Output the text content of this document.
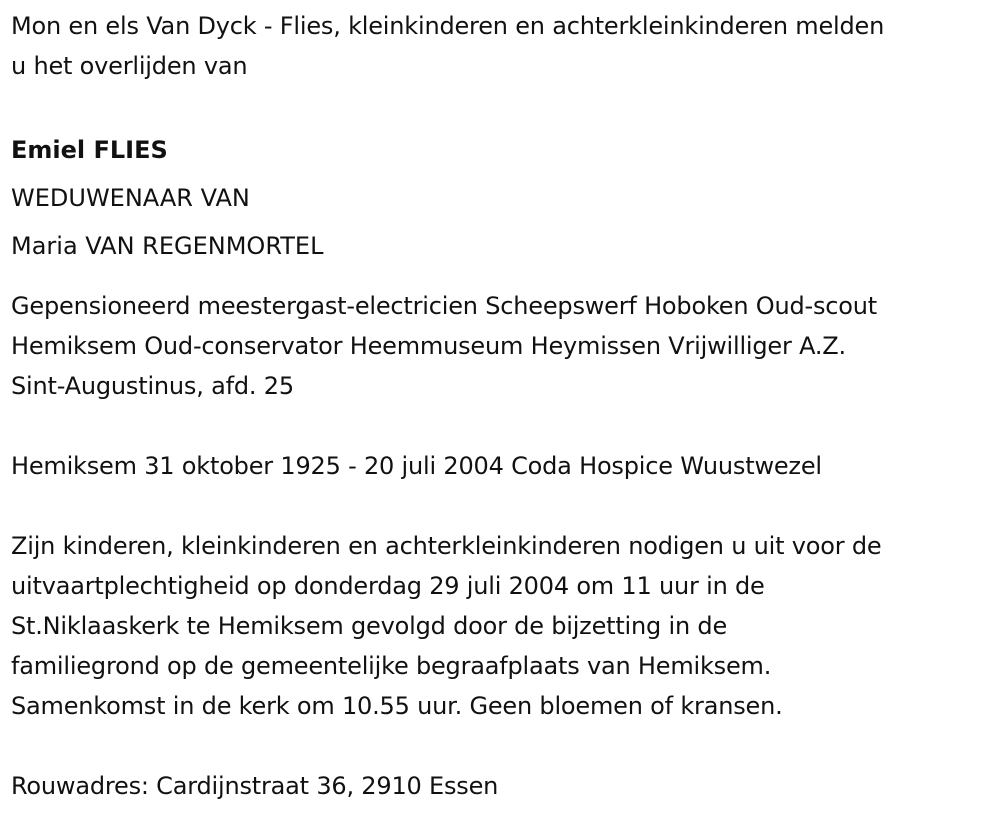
Mon en els Van Dyck - Flies, kleinkinderen en achterkleinkinderen melden
u het overlijden van
Emiel FLIES
WEDUWENAAR VAN
Maria VAN REGENMORTEL
Gepensioneerd meestergast-electricien Scheepswerf Hoboken Oud-scout
Hemiksem Oud-conservator Heemmuseum Heymissen Vrijwilliger A.Z.
Sint-Augustinus, afd. 25
Hemiksem 31 oktober 1925 - 20 juli 2004 Coda Hospice Wuustwezel
Zijn kinderen, kleinkinderen en achterkleinkinderen nodigen u uit voor de
uitvaartplechtigheid op donderdag 29 juli 2004 om 11 uur in de
St.Niklaaskerk te Hemiksem gevolgd door de bijzetting in de
familiegrond op de gemeentelijke begraafplaats van Hemiksem.
Samenkomst in de kerk om 10.55 uur. Geen bloemen of kransen.
Rouwadres: Cardijnstraat 36, 2910 Essen
